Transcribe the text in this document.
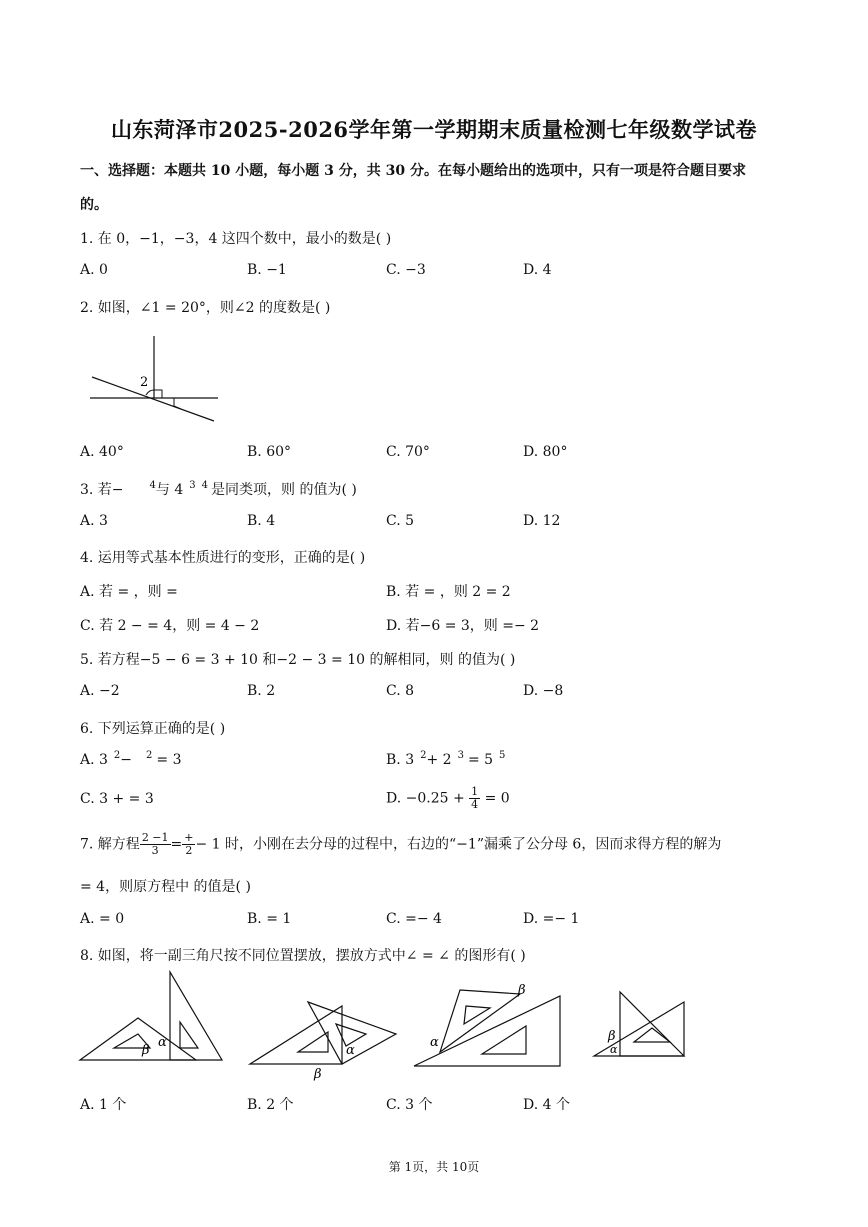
山东菏泽市2025-2026学年第一学期期末质量检测七年级数学试卷
一、选择题：本题共 10 小题，每小题 3 分，共 30 分。在每小题给出的选项中，只有一项是符合题目要求
的。
1. 在 0，−1，−3，4 这四个数中，最小的数是( )
A. 0	B. −1	C. −3	D. 4
2. 如图，∠1 = 20°，则∠2 的度数是( )
2
A. 40°	B. 60°	C. 70°	D. 80°
3. 若−	$^4$与 4 $^3$ $^4$ 是同类项，则 的值为( )
A. 3	B. 4	C. 5	D. 12
4. 运用等式基本性质进行的变形，正确的是( )
A. 若 = ，则 =	B. 若 = ，则 2 = 2
C. 若 2 − = 4，则 = 4 − 2	D. 若−6 = 3，则 =− 2
5. 若方程−5 − 6 = 3 + 10 和−2 − 3 = 10 的解相同，则 的值为( )
A. −2	B. 2	C. 8	D. −8
6. 下列运算正确的是( )
A. 3 $^2$− $^2$ = 3	B. 3 $^2$+ 2 $^3$ = 5 $^5$
C. 3 + = 3	D. $-0.25 + \frac{1}{4} = 0$
7. 解方程 $\frac{2 -1}{3} = \frac{+}{2} - 1$ 时，小刚在去分母的过程中，右边的“−1”漏乘了公分母 6，因而求得方程的解为
= 4，则原方程中 的值是( )
A. = 0	B. = 1	C. =− 4	D. =− 1
8. 如图，将一副三角尺按不同位置摆放，摆放方式中∠ = ∠ 的图形有( )
β
α
α
β
β
α	β
α
A. 1 个	B. 2 个	C. 3 个	D. 4 个
第 1页，共 10页
